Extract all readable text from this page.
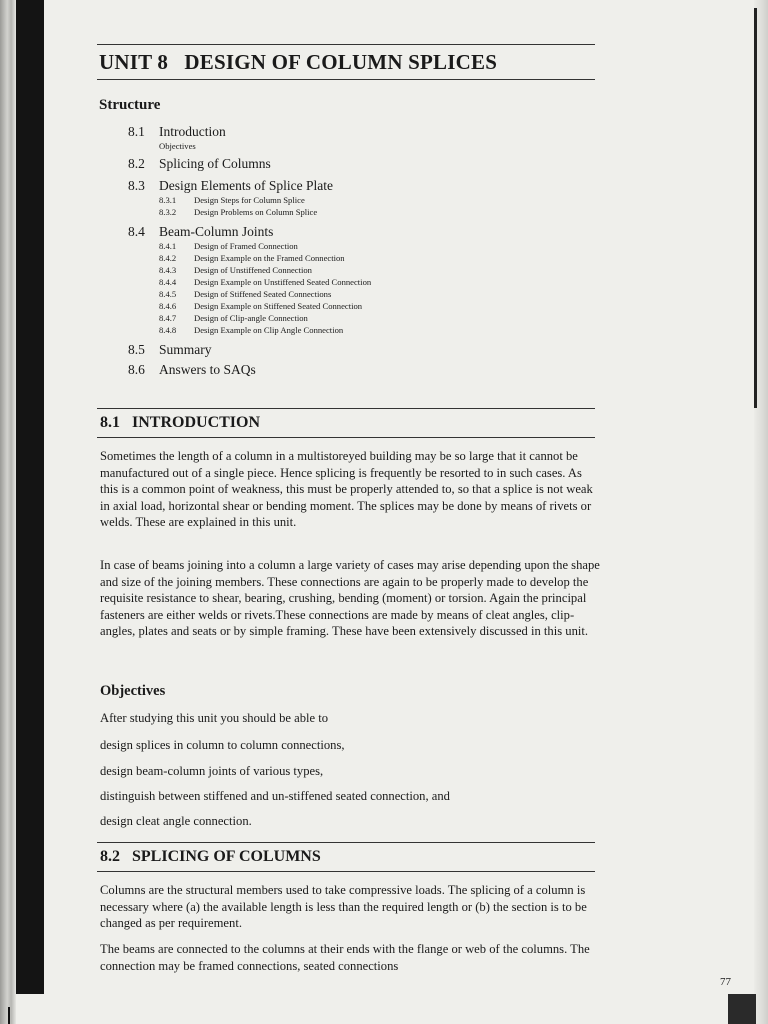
UNIT 8   DESIGN OF COLUMN SPLICES
Structure
8.1 Introduction
Objectives
8.2 Splicing of Columns
8.3 Design Elements of Splice Plate
8.3.1 Design Steps for Column Splice
8.3.2 Design Problems on Column Splice
8.4 Beam-Column Joints
8.4.1 Design of Framed Connection
8.4.2 Design Example on the Framed Connection
8.4.3 Design of Unstiffened Connection
8.4.4 Design Example on Unstiffened Seated Connection
8.4.5 Design of Stiffened Seated Connections
8.4.6 Design Example on Stiffened Seated Connection
8.4.7 Design of Clip-angle Connection
8.4.8 Design Example on Clip Angle Connection
8.5 Summary
8.6 Answers to SAQs
8.1   INTRODUCTION

Sometimes the length of a column in a multistoreyed building may be so large that it cannot be manufactured out of a single piece. Hence splicing is frequently be resorted to in such cases. As this is a common point of weakness, this must be properly attended to, so that a splice is not weak in axial load, horizontal shear or bending moment. The splices may be done by means of rivets or welds. These are explained in this unit.

In case of beams joining into a column a large variety of cases may arise depending upon the shape and size of the joining members. These connections are again to be properly made to develop the requisite resistance to shear, bearing, crushing, bending (moment) or torsion. Again the principal fasteners are either welds or rivets.These connections are made by means of cleat angles, clip-angles, plates and seats or by simple framing. These have been extensively discussed in this unit.

Objectives
After studying this unit you should be able to
design splices in column to column connections,
design beam-column joints of various types,
distinguish between stiffened and un-stiffened seated connection, and
design cleat angle connection.
8.2   SPLICING OF COLUMNS

Columns are the structural members used to take compressive loads. The splicing of a column is necessary where (a) the available length is less than the required length or (b) the section is to be changed as per requirement.

The beams are connected to the columns at their ends with the flange or web of the columns. The connection may be framed connections, seated connections

77
